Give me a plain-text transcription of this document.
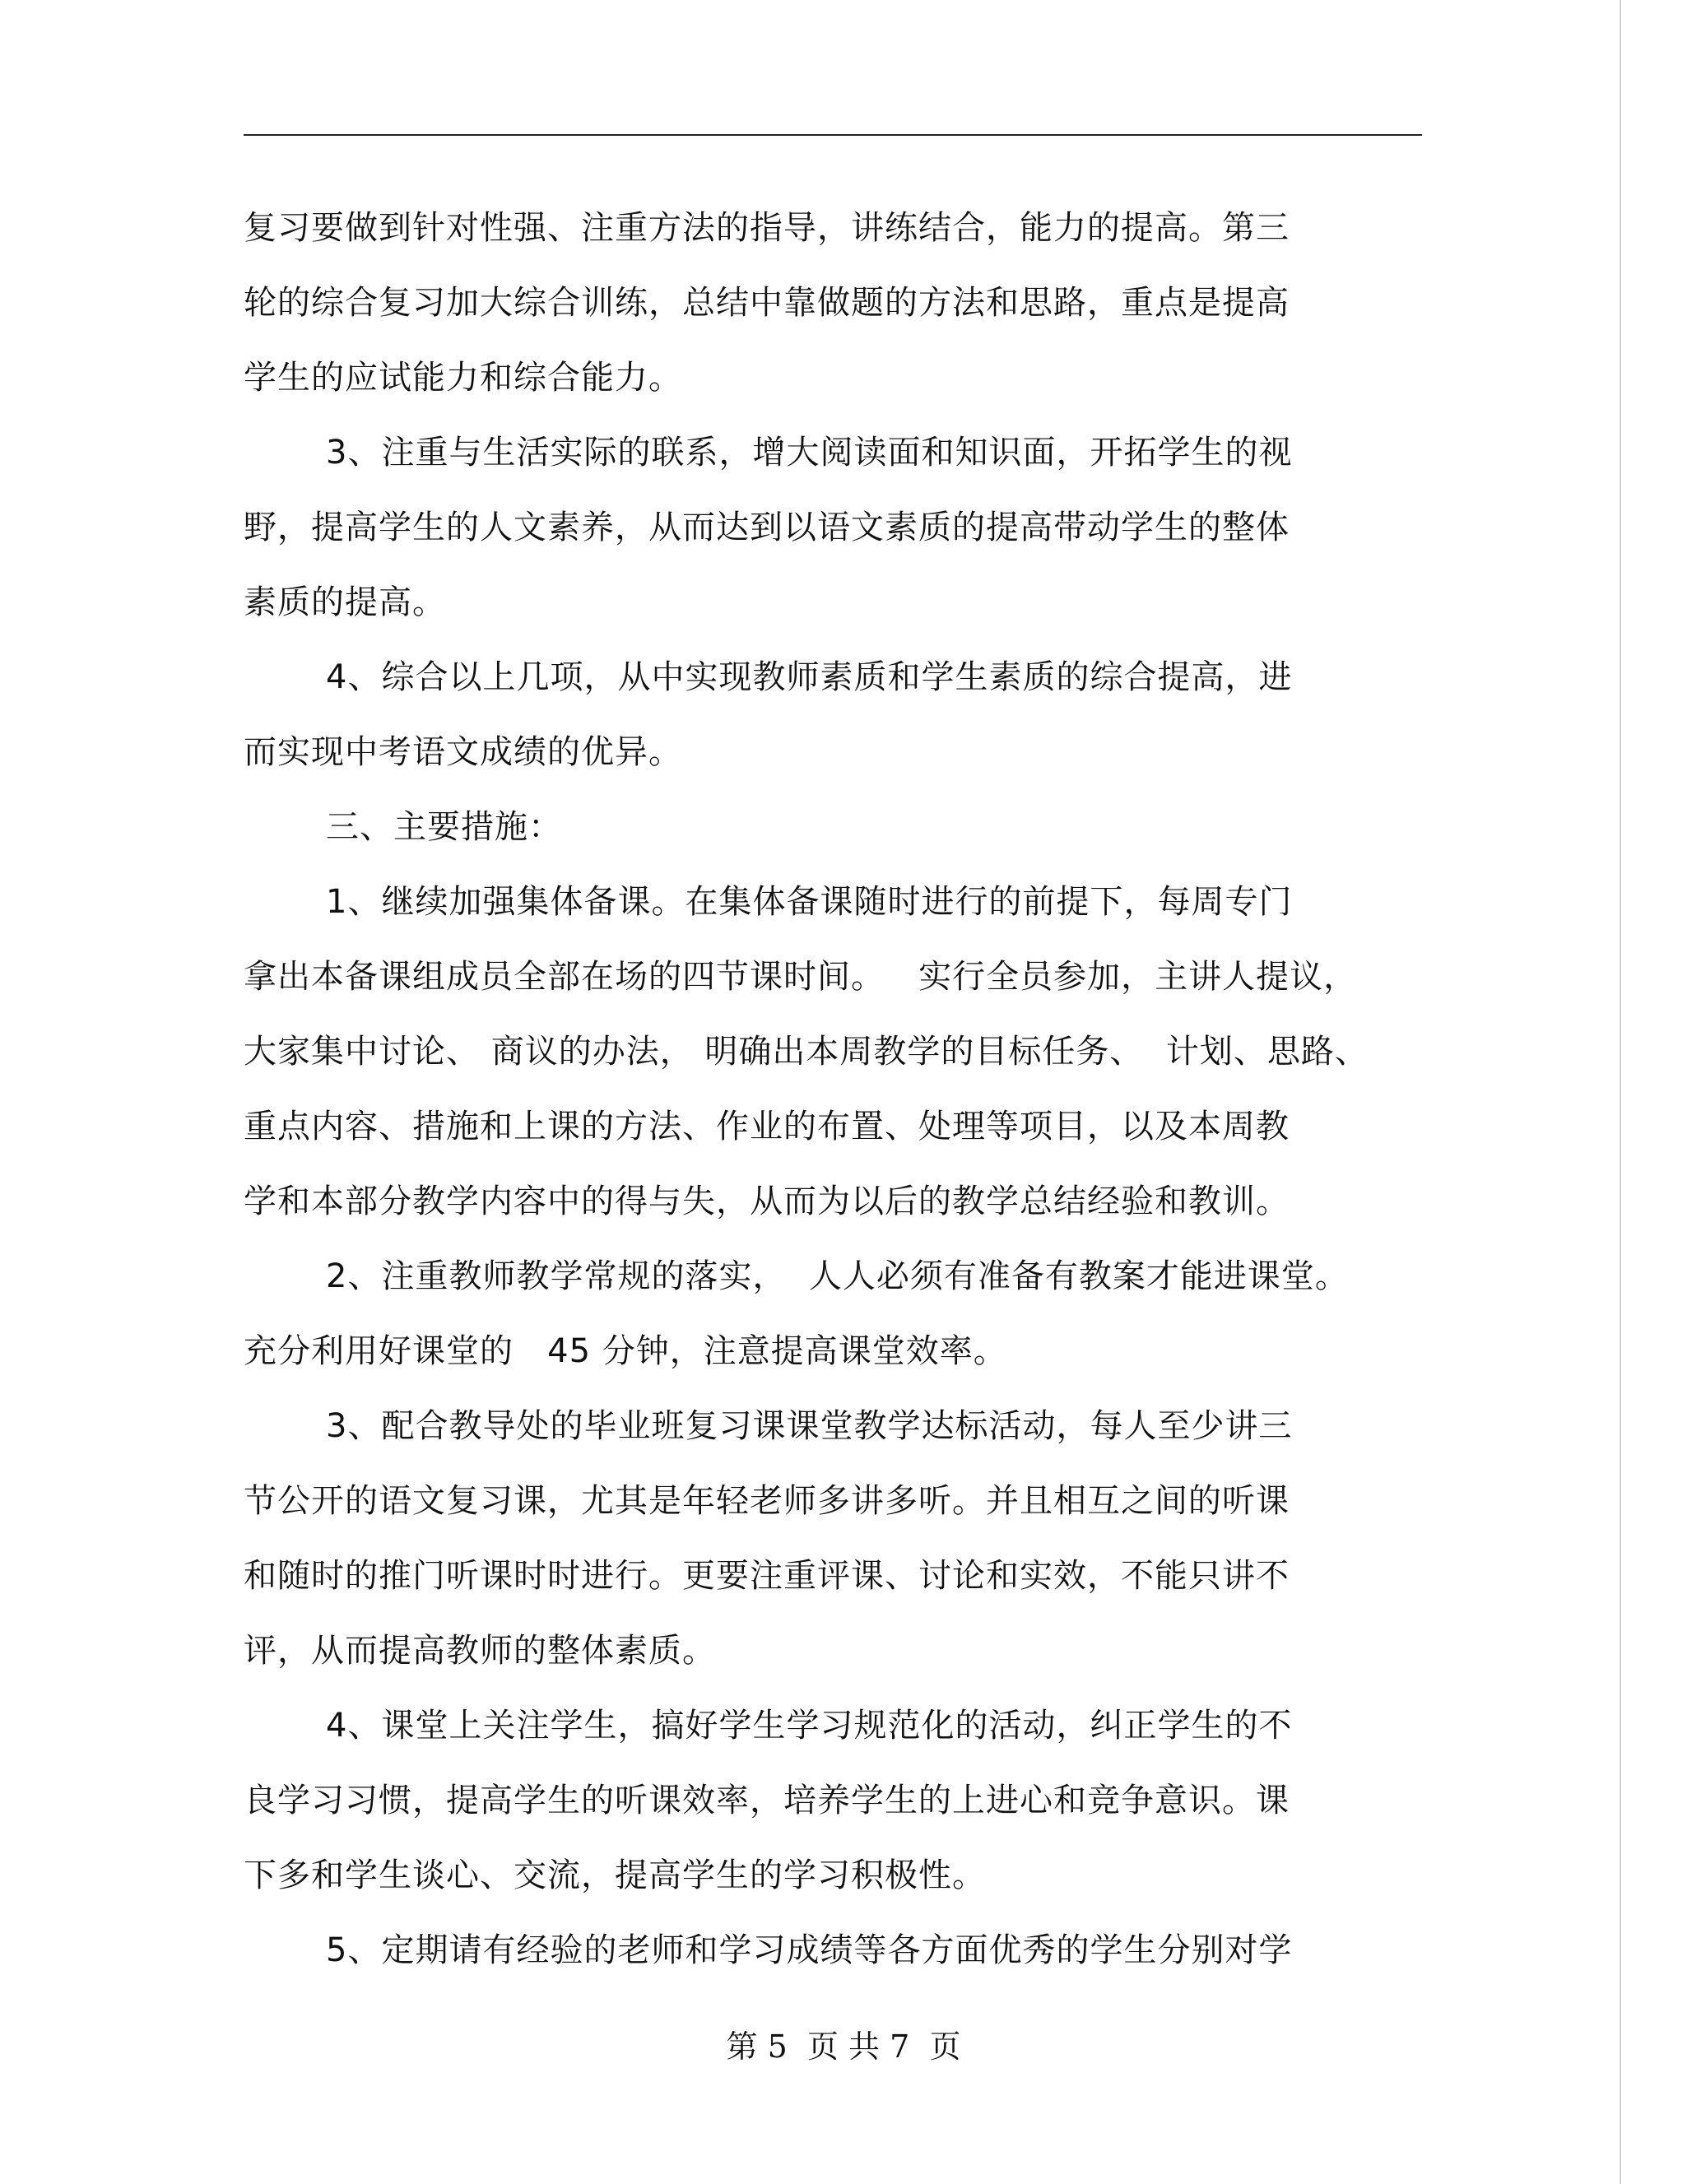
复习要做到针对性强、注重方法的指导，讲练结合，能力的提高。第三
轮的综合复习加大综合训练，总结中靠做题的方法和思路，重点是提高
学生的应试能力和综合能力。
3、注重与生活实际的联系，增大阅读面和知识面，开拓学生的视
野，提高学生的人文素养，从而达到以语文素质的提高带动学生的整体
素质的提高。
4、综合以上几项，从中实现教师素质和学生素质的综合提高，进
而实现中考语文成绩的优异。
三、主要措施：
1、继续加强集体备课。在集体备课随时进行的前提下，每周专门
拿出本备课组成员全部在场的四节课时间。   实行全员参加，主讲人提议，
大家集中讨论、 商议的办法， 明确出本周教学的目标任务、  计划、思路、
重点内容、措施和上课的方法、作业的布置、处理等项目，以及本周教
学和本部分教学内容中的得与失，从而为以后的教学总结经验和教训。
2、注重教师教学常规的落实，  人人必须有准备有教案才能进课堂。
充分利用好课堂的   45 分钟，注意提高课堂效率。
3、配合教导处的毕业班复习课课堂教学达标活动，每人至少讲三
节公开的语文复习课，尤其是年轻老师多讲多听。并且相互之间的听课
和随时的推门听课时时进行。更要注重评课、讨论和实效，不能只讲不
评，从而提高教师的整体素质。
4、课堂上关注学生，搞好学生学习规范化的活动，纠正学生的不
良学习习惯，提高学生的听课效率，培养学生的上进心和竞争意识。课
下多和学生谈心、交流，提高学生的学习积极性。
5、定期请有经验的老师和学习成绩等各方面优秀的学生分别对学
第 5  页 共 7  页
